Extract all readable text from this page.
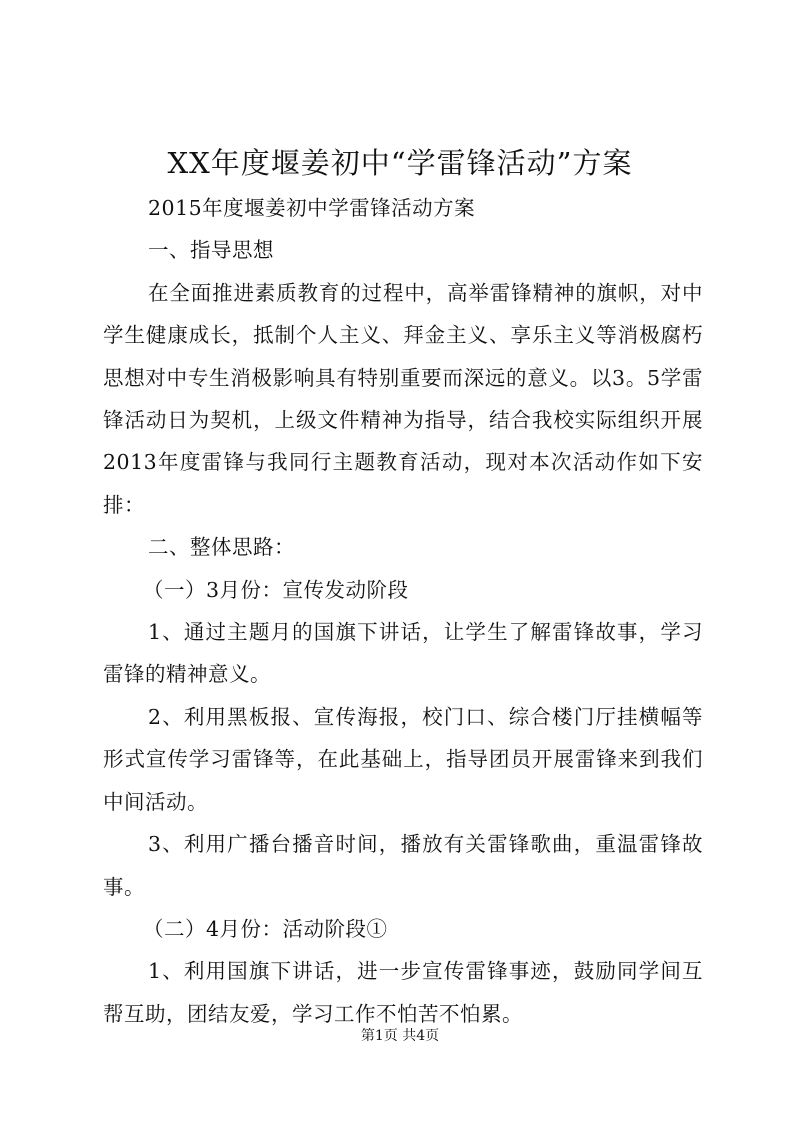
XX年度堰姜初中“学雷锋活动”方案

2015年度堰姜初中学雷锋活动方案

一、指导思想

在全面推进素质教育的过程中，高举雷锋精神的旗帜，对中学生健康成长，抵制个人主义、拜金主义、享乐主义等消极腐朽思想对中专生消极影响具有特别重要而深远的意义。以3。5学雷锋活动日为契机，上级文件精神为指导，结合我校实际组织开展2013年度雷锋与我同行主题教育活动，现对本次活动作如下安排：

二、整体思路：

（一）3月份：宣传发动阶段

1、通过主题月的国旗下讲话，让学生了解雷锋故事，学习雷锋的精神意义。

2、利用黑板报、宣传海报，校门口、综合楼门厅挂横幅等形式宣传学习雷锋等，在此基础上，指导团员开展雷锋来到我们中间活动。

3、利用广播台播音时间，播放有关雷锋歌曲，重温雷锋故事。

（二）4月份：活动阶段①

1、利用国旗下讲话，进一步宣传雷锋事迹，鼓励同学间互帮互助，团结友爱，学习工作不怕苦不怕累。

第1页 共4页
